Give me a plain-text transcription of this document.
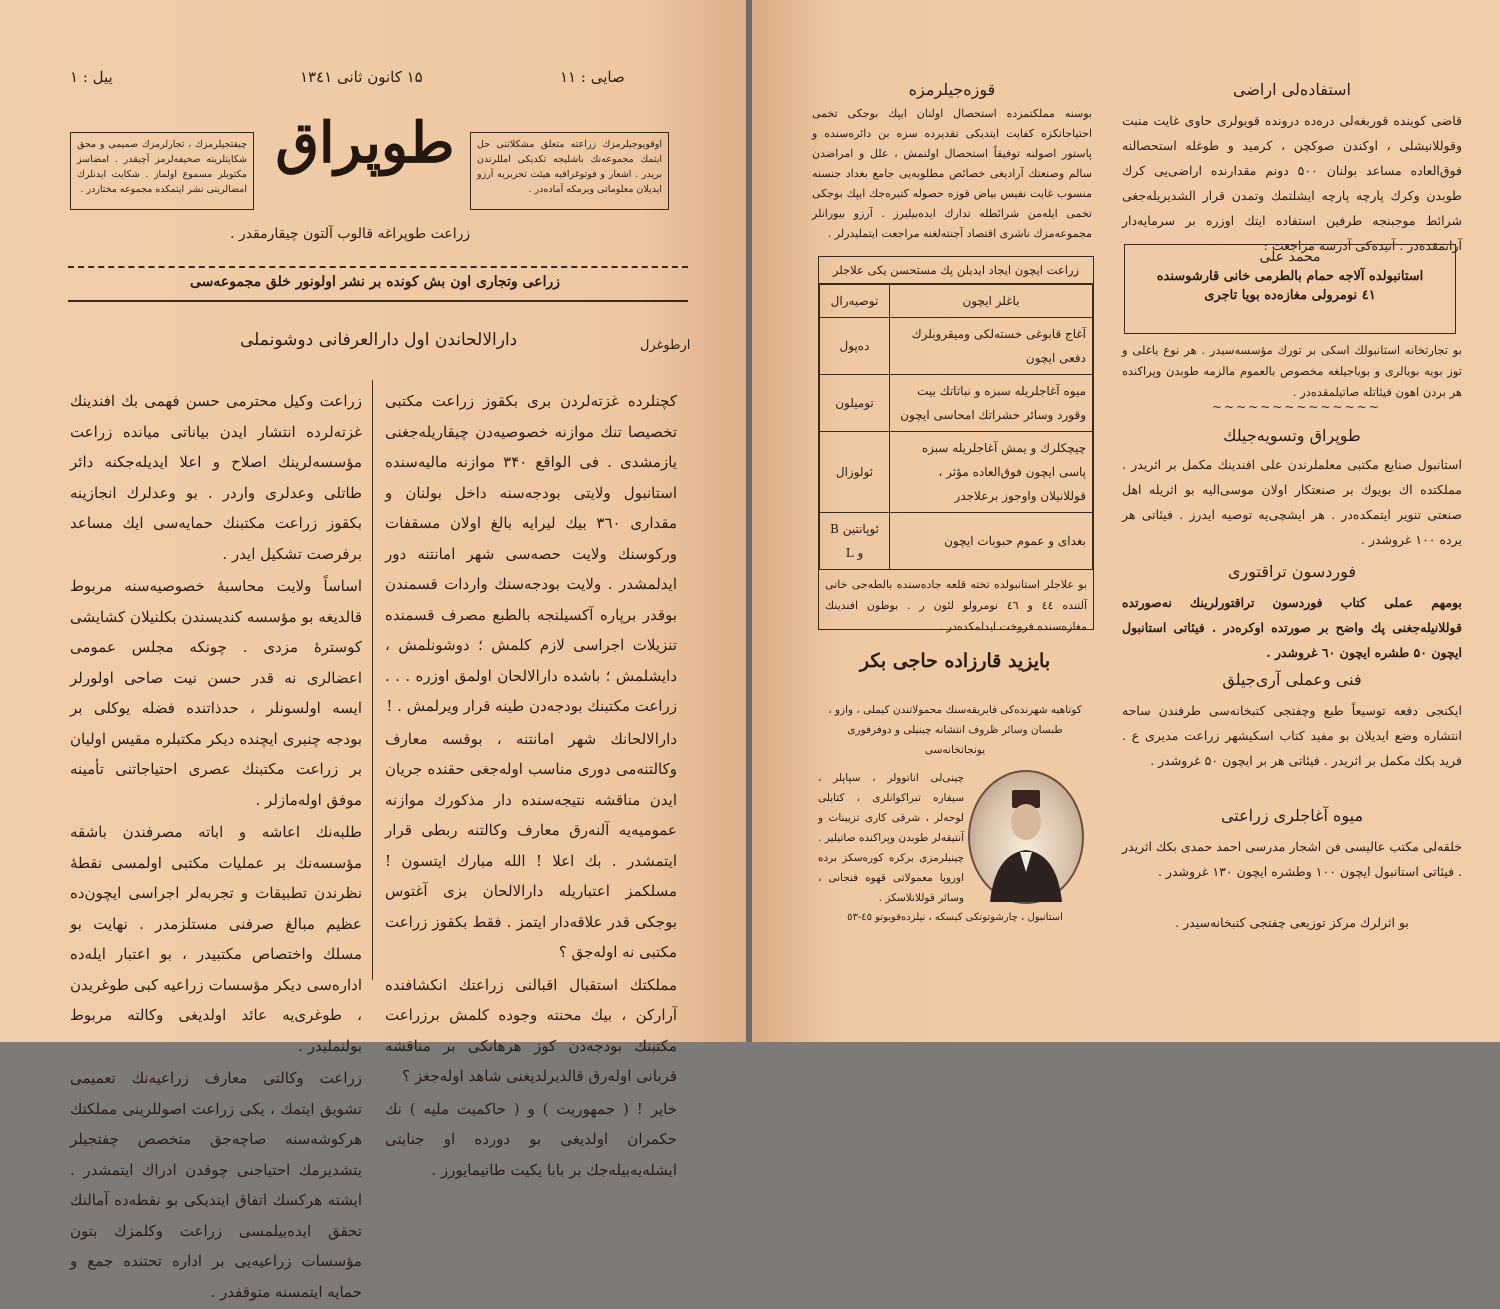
ییل : ۱	۱۵ کانون ثانی ۱۳٤۱	صایی : ۱۱
چیفتجیلرمزك ، تجارلرمزك صمیمی و محق شکایتلرینه صحیفه‌لرمز آچیقدر . امضاسز مکتوبلر مسموع اولماز . شکایت ایدنلرك امضالرینی نشر ایتمکده مجموعه مختاردر .
طوپراق	اوقویوجیلرمزك زراعته متعلق مشکلاتنی حل ایتمك مجموعه‌نك باشلیجه تکدیکی امللرندن بریدر . اشعار و فوتوغرافیه هیئت تحریریه آرزو ایدیلان معلوماتی ویرمکه آماده‌در .
زراعت طوپراغه قالوب آلتون چیقارمقدر .
زراعی وتجاری اون بش کونده بر نشر اولونور خلق مجموعه‌سی
دارالالحاندن اول دارالعرفانی دوشونملی	ارطوغرل

کچنلرده غزته‌لردن بری بکقوز زراعت مکتبی تخصیصا تنك موازنه خصوصیه‌دن چیقاریله‌جغنی یازمشدی . فی الواقع ۳۴۰ موازنه مالیه‌سنده استانبول ولایتی بودجه‌سنه داخل بولنان و مقداری ۳٦۰ بیك لیرایه بالغ اولان مسقفات ورکوسنك ولایت حصه‌سی شهر امانتنه دور ایدلمشدر . ولایت بودجه‌سنك واردات قسمندن بوقدر برپاره آکسیلنجه بالطبع مصرف قسمنده تنزیلات اجراسی لازم کلمش ؛ دوشونلمش ، دایشلمش ؛ باشده دارالالحان اولمق اوزره . . . زراعت مکتبنك بودجه‌دن طینه قرار ویرلمش . !

دارالالحانك شهر امانتنه ، بوقسه معارف وکالتنه‌می دوری مناسب اوله‌جغی حقنده جریان ایدن مناقشه نتیجه‌سنده دار مذکورك موازنه عمومیه‌یه آلنه‌رق معارف وکالتنه ربطی قرار ایتمشدر . بك اعلا ! الله مبارك ایتسون ! مسلکمز اعتباریله دارالالحان بزی آغتوس بوجکی قدر علاقه‌دار ایتمز . فقط بکقوز زراعت مکتبی نه اوله‌جق ؟

مملکتك استقبال اقبالنی زراعتك انکشافنده آرارکن ، بیك محنته وجوده کلمش برزراعت مکتبنك بودجه‌دن کوز هرهانکی بر مناقشه قربانی اوله‌رق قالدیرلدیغنی شاهد اوله‌جغز ؟

خایر ! ( جمهوریت ) و ( حاکمیت ملیه ) نك حکمران اولدیغی بو دورده او جنایتی ایشله‌یه‌بیله‌جك بر بابا یکیت طانیمایورز .

زراعت وکیل محترمی حسن فهمی بك افندینك غزته‌لرده انتشار ایدن بیاناتی میانده زراعت مؤسسه‌لرینك اصلاح و اعلا ایدیله‌جکنه دائر طاتلی وعدلری واردر . بو وعدلرك انجازینه بکقوز زراعت مکتبنك حمایه‌سی ایك مساعد برفرصت تشکیل ایدر .

اساساً ولایت محاسبهٔ خصوصیه‌سنه مربوط قالدیغه بو مؤسسه کندیسندن بکلنیلان کشایشی کوسترهٔ مزدی . چونکه مجلس عمومی اعضالری نه قدر حسن نیت صاحی اولورلر ایسه اولسونلر ، حدذاتنده فضله یوکلی بر بودجه چنبری ایچنده دیکر مکتبلره مقیس اولیان بر زراعت مکتبنك عصری احتیاجاتنی تأمینه موفق اوله‌مازلر .

طلبه‌نك اعاشه و اباته مصرفندن باشقه مؤسسه‌نك بر عملیات مکتبی اولمسی نقطهٔ نظرندن تطبیقات و تجربه‌لر اجراسی ایچون‌ده عظیم مبالغ صرفنی مستلزمدر . نهایت بو مسلك واختصاص مکتبیدر ، بو اعتبار ایله‌ده اداره‌سی دیکر مؤسسات زراعیه کبی طوغریدن ، طوغری‌یه عائد اولدیغی وکالته مربوط بولنملیدر .

زراعت وکالتی معارف زراعیه‌نك تعمیمی تشویق ایتمك ، یکی زراعت اصوللرینی مملکتك هرکوشه‌سنه صاچه‌جق متخصص چفتجیلر یتشدیرمك احتیاجنی چوقدن ادراك ایتمشدر . ایشته هرکسك اتفاق ایتدیکی بو نقطه‌ده آمالنك تحقق ایده‌بیلمسی زراعت وکلمزك بتون مؤسسات زراعیه‌یی بر اداره تحتنده جمع و حمایه ایتمسنه متوقفدر .

استفاده‌لی اراضی
قاضی کوینده قوربغه‌لی دره‌ده درونده قویولری حاوی غایت منبت وقوللانیشلی ، اوکندن صوکچن ، کرمید و طوغله استحصالنه فوق‌العاده مساعد بولنان ۵۰۰ دونم مقدارنده اراضی‌یی کرك طوبدن وکرك پارچه پارچه ایشلتمك وتمدن قرار الشدیریله‌جغی شرائط موجبنجه طرفین استفاده ایتك اوزره بر سرمایه‌دار آرانمقده‌در . آتیده‌کی آدرسه مراجعت :
محمد علی
استانبولده آلاجه حمام بالطرمی خانی قارشوسنده
٤۱ نومرولی مغازه‌ده بویا تاجری
بو تجارتخانه استانبولك اسکی بر تورك مؤسسه‌سیدر . هر نوع یاغلی و توز بویه بویالری و بویاجیلغه مخصوص بالعموم مالزمه طوبدن وپراکنده هر بردن اهون فیئاتله صاتیلمقده‌در .
~~~~~~~~~~~~~~
طوپراق وتسویه‌جیلك
استانبول صنایع مکتبی معلملرندن علی افندینك مکمل بر اثریدر . مملکتده اك بویوك بر صنعتکار اولان موسی‌الیه بو اثریله اهل صنعتی تنویر ایتمکده‌در . هر ایشچی‌یه توصیه ایدرز . فیئاتی هر یرده ۱۰۰ غروشدر .
فوردسون تراقتوری
بومهم عملی کتاب فوردسون تراقتورلرینك نه‌صورتده قوللانیله‌جغنی پك واضح بر صورتده اوکره‌در . فیئاتی استانبول ایچون ۵۰ طشره ایچون ٦۰ غروشدر .
فنی وعملی آری‌جیلق
ایکنجی دفعه توسیعاً طبع وچفتجی کتبخانه‌سی طرفندن ساحه انتشاره وضع ایدیلان بو مفید کتاب اسکیشهر زراعت مدیری ع . فرید بکك مکمل بر اثریدر . فیئاتی هر بر ایچون ۵۰ غروشدر .
میوه آغاجلری زراعتی
خلقه‌لی مکتب عالیسی فن اشجار مدرسی احمد حمدی بکك اثریدر . فیئاتی استانبول ایچون ۱۰۰ وطشره ایچون ۱۳۰ غروشدر .
بو اثرلرك مرکز توزیعی چفتجی کتبخانه‌سیدر .
قوزه‌جیلرمزه
بوسنه مملکتمزده استحصال اولنان ایپك بوجکی تخمی احتیاجاتکزه کفایت ایتدیکی تقدیرده سزه بن دائره‌سنده و پاستور اصولنه توفیقاً استحصال اولنمش ، علل و امراضدن سالم وصنعتك آرادیغی خصائص مطلوبه‌یی جامع بغداد جنسنه منسوب غایت نفیس بیاض قوزه حصوله کتیره‌جك ایپك بوجکی تخمی ایله‌من شرائطله تدارك ایده‌بیلیرز . آرزو بیورانلر مجموعه‌مزك ناشری اقتصاد آجنته‌لغنه مراجعت ایتملیدرلر .
زراعت ایچون ایجاد ایدیلن پك مستحسن یکی علاجلر
باغلر ایچون	توصیه‌رال
آغاج قابوغی خسته‌لکی ومیقروبلرك دفعی ایچون	ده‌پول
میوه آغاجلریله سبزه و نباتاتك بیت وقورد وسائر حشراتك امحاسی ایچون	تومیلون
چیچکلرك و یمش آغاجلریله سبزه پاسی ایچون فوق‌العاده مؤثر ، قوللانیلان واوجوز برعلاجدر	ئولوزال
بغدای و عموم حبوبات ایچون	ئوپانتین B و L
بو علاجلر استانبولده تخته قلعه جاده‌سنده بالطه‌جی خانی آلتنده ٤٤ و ٤٦ نومرولو لئون ر . بوطون افندینك مغازه‌سنده فروخت ایدلمکده‌در .
بایزید قارزاده حاجی بکر
کوتاهیه شهرنده‌کی فابریقه‌سنك محمولاتندن کیملی ، وازو ، طبسان وسائر ظروف انتشانه چینیلی و دوفرفوری یونجاتخانه‌سی
چینی‌لی اناتوولر ، سپاپلر ، سیفاره تبراکوانلری ، کتابلی لوحه‌لر ، شرقی کاری تزیینات و آنتیقه‌لر طوبدن وپراکنده صاتیلیر . چینیلرمزی برکره کوره‌سکز برده اوروپا معمولاتی قهوه فنجانی ، وسائر قوللانلاسکز .
استانبول ، چارشوتونکی کیسکه ، نیلزده‌قوبوتو ٤٥-٥٣
